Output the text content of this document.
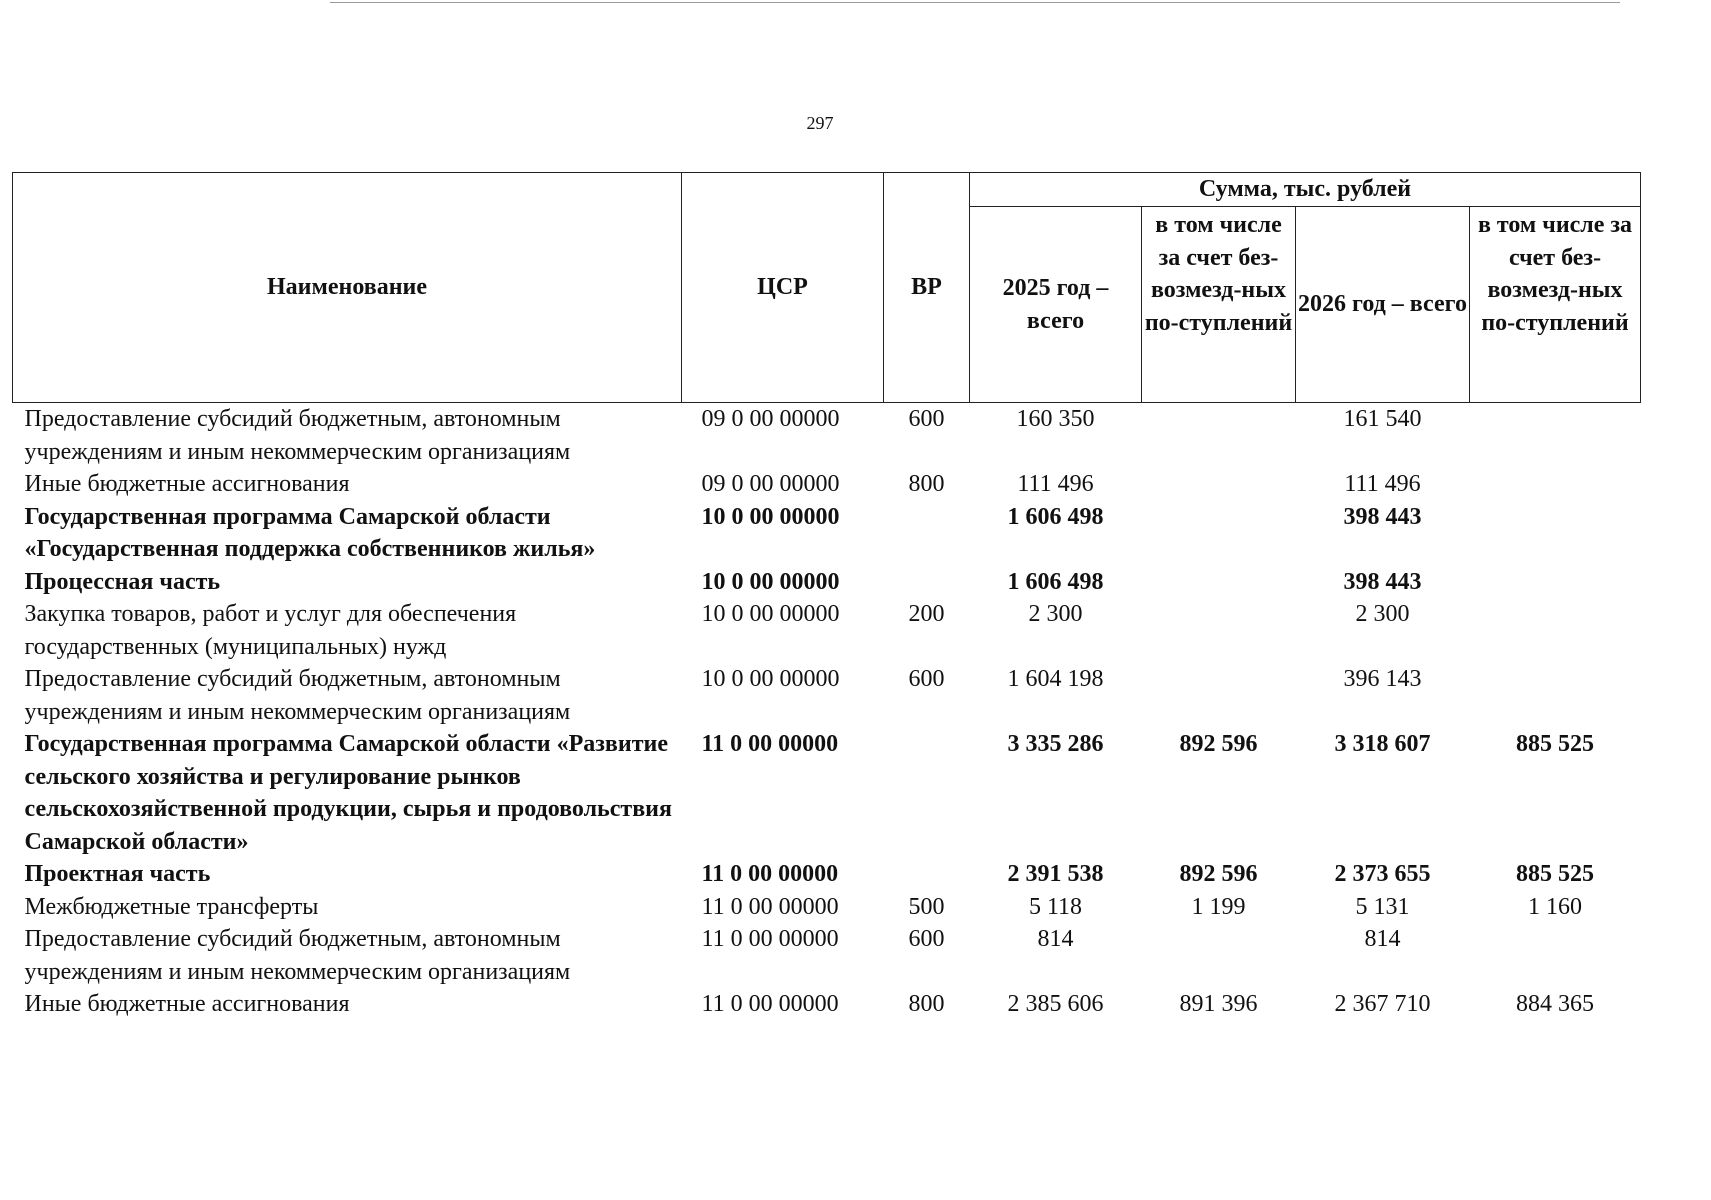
297
Наименование	ЦСР	ВР	Сумма, тыс. рублей			
			2025 год – всего	в том числе за счет без-возмезд-ных по-ступлений	2026 год – всего	в том числе за счет без-возмезд-ных по-ступлений
Предоставление субсидий бюджетным, автономным учреждениям и иным некоммерческим организациям	09 0 00 00000	600	160 350		161 540	
Иные бюджетные ассигнования	09 0 00 00000	800	111 496		111 496	
Государственная программа Самарской области «Государственная поддержка собственников жилья»	10 0 00 00000		1 606 498		398 443	
Процессная часть	10 0 00 00000		1 606 498		398 443	
Закупка товаров, работ и услуг для обеспечения государственных (муниципальных) нужд	10 0 00 00000	200	2 300		2 300	
Предоставление субсидий бюджетным, автономным учреждениям и иным некоммерческим организациям	10 0 00 00000	600	1 604 198		396 143	
Государственная программа Самарской области «Развитие сельского хозяйства и регулирование рынков сельскохозяйственной продукции, сырья и продовольствия Самарской области»	11 0 00 00000		3 335 286	892 596	3 318 607	885 525
Проектная часть	11 0 00 00000		2 391 538	892 596	2 373 655	885 525
Межбюджетные трансферты	11 0 00 00000	500	5 118	1 199	5 131	1 160
Предоставление субсидий бюджетным, автономным учреждениям и иным некоммерческим организациям	11 0 00 00000	600	814		814	
Иные бюджетные ассигнования	11 0 00 00000	800	2 385 606	891 396	2 367 710	884 365
